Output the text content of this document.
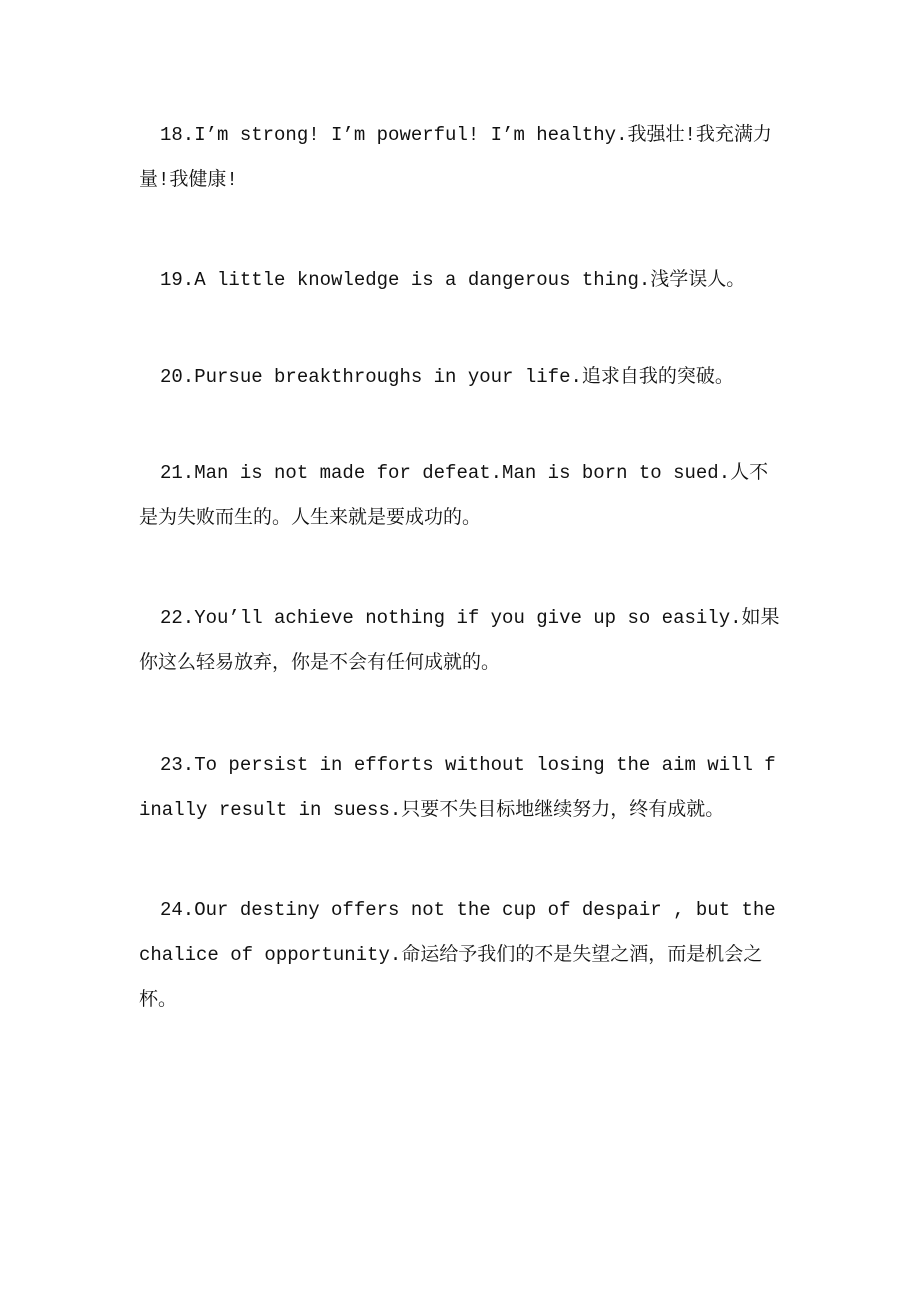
18.I’m strong! I’m powerful! I’m healthy.我强壮!我充满力量!我健康!

19.A little knowledge is a dangerous thing.浅学误人。

20.Pursue breakthroughs in your life.追求自我的突破。

21.Man is not made for defeat.Man is born to sued.人不是为失败而生的。人生来就是要成功的。

22.You’ll achieve nothing if you give up so easily.如果你这么轻易放弃，你是不会有任何成就的。

23.To persist in efforts without losing the aim will finally result in suess.只要不失目标地继续努力，终有成就。

24.Our destiny offers not the cup of despair , but the chalice of opportunity.命运给予我们的不是失望之酒，而是机会之杯。
